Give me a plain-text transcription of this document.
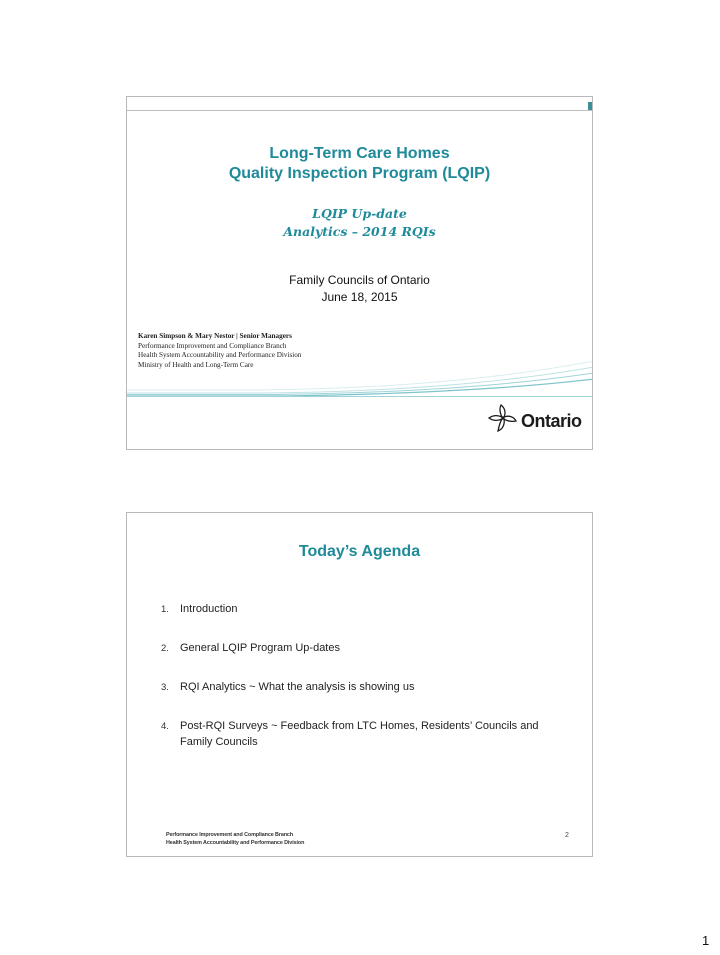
Long-Term Care Homes
Quality Inspection Program (LQIP)
LQIP Up-date
Analytics – 2014 RQIs
Family Councils of Ontario
June 18, 2015
Karen Simpson & Mary Nestor | Senior Managers
Performance Improvement and Compliance Branch
Health System Accountability and Performance Division
Ministry of Health and Long-Term Care
Ontario
Today’s Agenda
1. Introduction
2. General LQIP Program Up-dates
3. RQI Analytics ~ What the analysis is showing us
4. Post-RQI Surveys ~ Feedback from LTC Homes, Residents’ Councils and Family Councils
Performance Improvement and Compliance Branch
Health System Accountability and Performance Division
2
1
